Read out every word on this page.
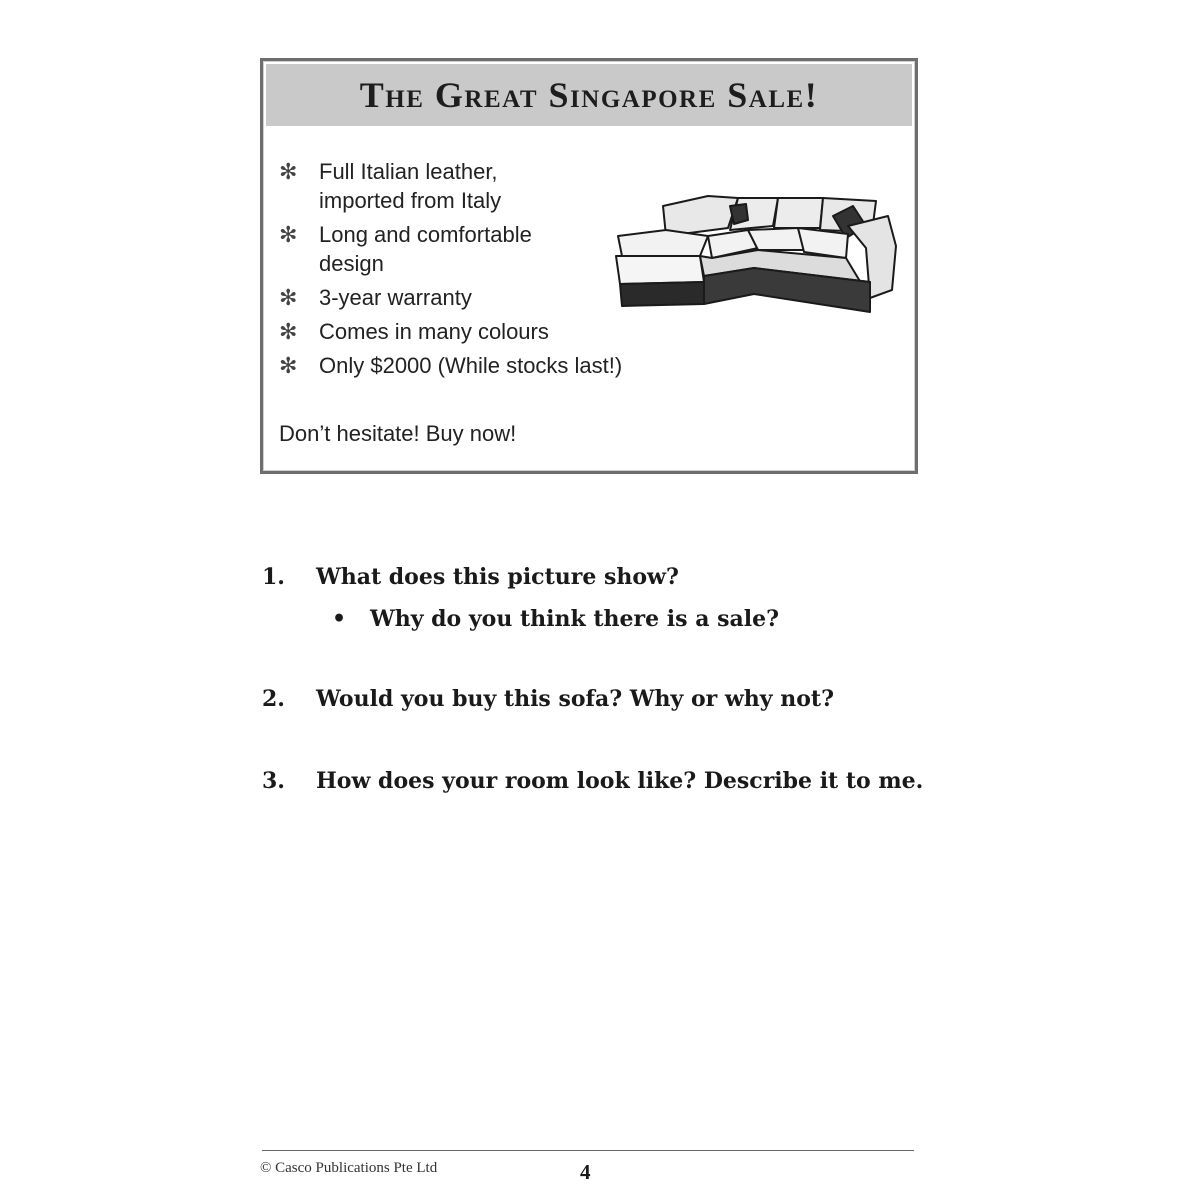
The Great Singapore Sale!
✻ Full Italian leather,
imported from Italy
✻ Long and comfortable
design
✻ 3-year warranty
✻ Comes in many colours
✻ Only $2000 (While stocks last!)
Don’t hesitate! Buy now!
1. What does this picture show?
• Why do you think there is a sale?
2. Would you buy this sofa? Why or why not?
3. How does your room look like? Describe it to me.
© Casco Publications Pte Ltd	4
